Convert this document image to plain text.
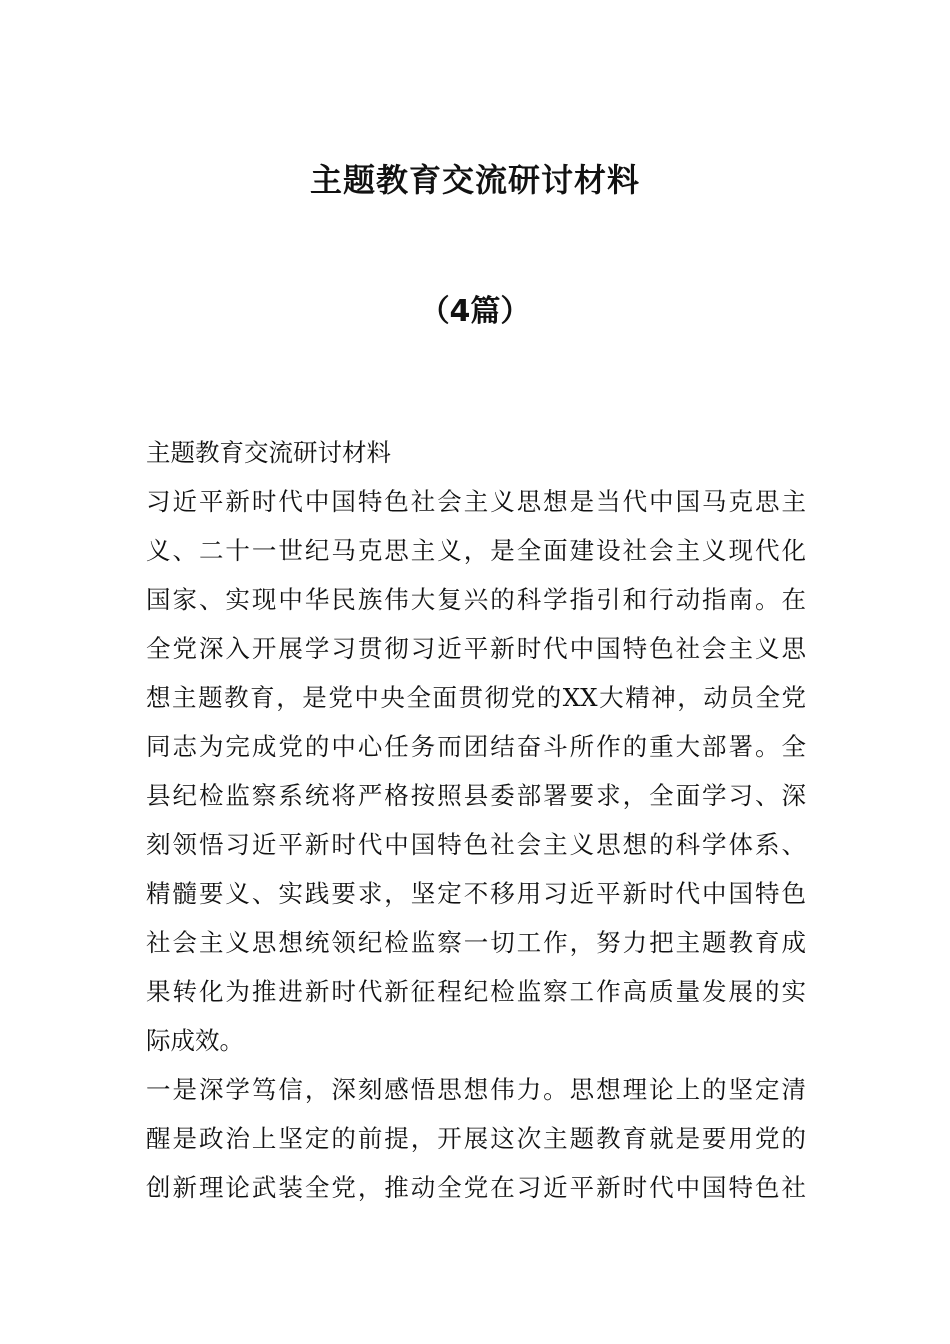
主题教育交流研讨材料
（4篇）
主题教育交流研讨材料
习近平新时代中国特色社会主义思想是当代中国马克思主
义、二十一世纪马克思主义，是全面建设社会主义现代化
国家、实现中华民族伟大复兴的科学指引和行动指南。在
全党深入开展学习贯彻习近平新时代中国特色社会主义思
想主题教育，是党中央全面贯彻党的XX大精神，动员全党
同志为完成党的中心任务而团结奋斗所作的重大部署。全
县纪检监察系统将严格按照县委部署要求，全面学习、深
刻领悟习近平新时代中国特色社会主义思想的科学体系、
精髓要义、实践要求，坚定不移用习近平新时代中国特色
社会主义思想统领纪检监察一切工作，努力把主题教育成
果转化为推进新时代新征程纪检监察工作高质量发展的实
际成效。
一是深学笃信，深刻感悟思想伟力。思想理论上的坚定清
醒是政治上坚定的前提，开展这次主题教育就是要用党的
创新理论武装全党，推动全党在习近平新时代中国特色社
